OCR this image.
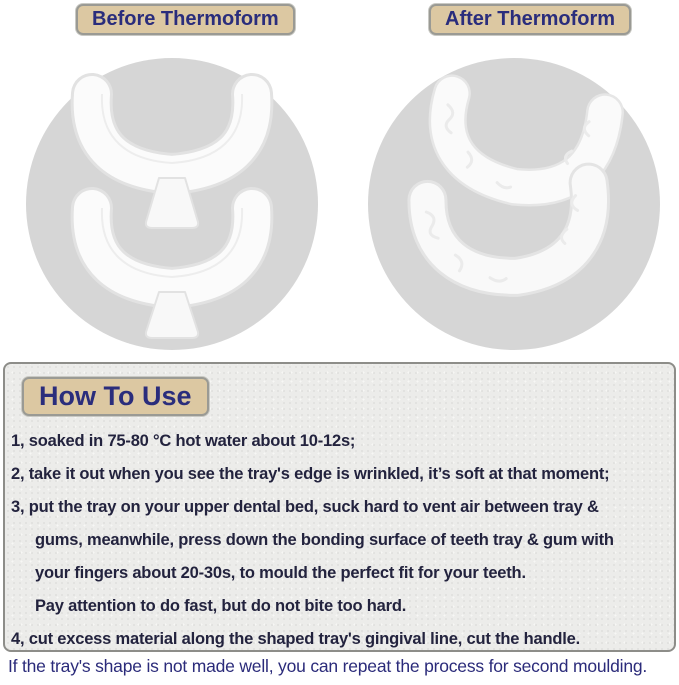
Before Thermoform	After Thermoform
How To Use
1, soaked in 75-80 °C hot water about 10-12s;
2, take it out when you see the tray's edge is wrinkled, it’s soft at that moment;
3, put the tray on your upper dental bed, suck hard to vent air between tray &
gums, meanwhile, press down the bonding surface of teeth tray & gum with
your fingers about 20-30s, to mould the perfect fit for your teeth.
Pay attention to do fast, but do not bite too hard.
4, cut excess material along the shaped tray's gingival line, cut the handle.
If the tray's shape is not made well, you can repeat the process for second moulding.
